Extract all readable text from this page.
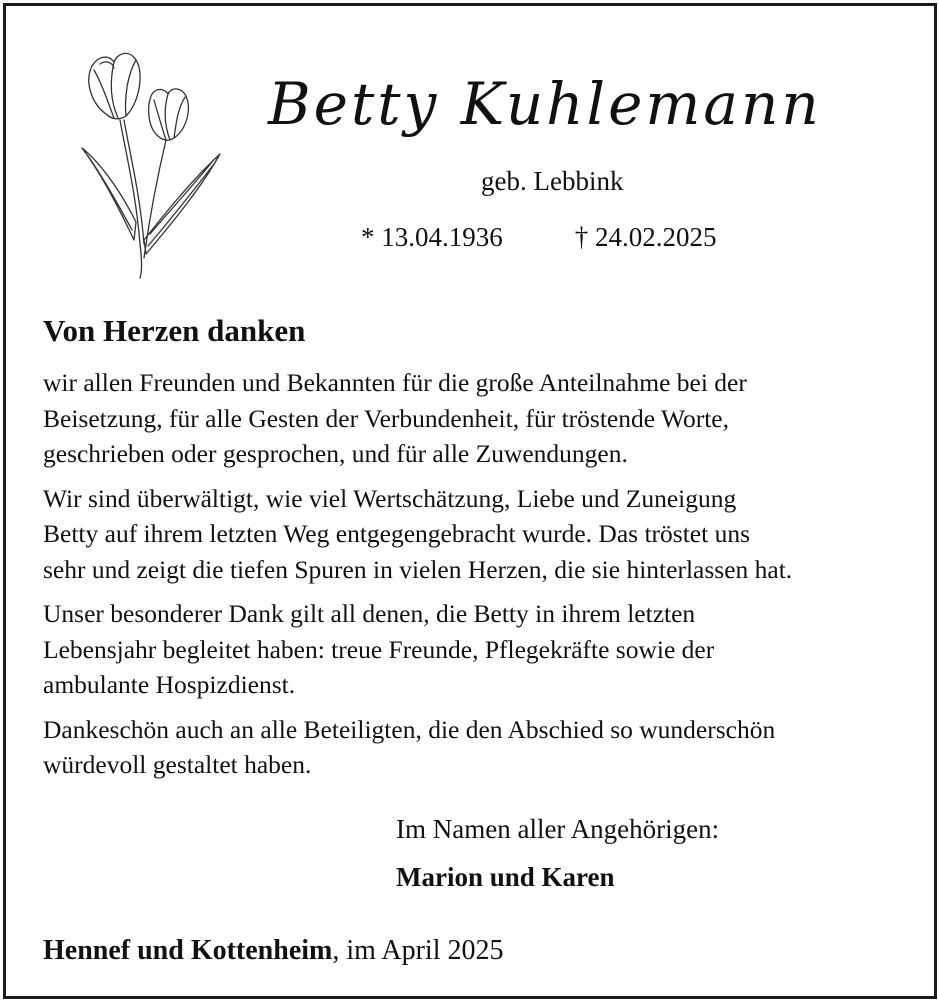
Betty Kuhlemann
geb. Lebbink
* 13.04.1936	† 24.02.2025
Von Herzen danken

wir allen Freunden und Bekannten für die große Anteilnahme bei der
Beisetzung, für alle Gesten der Verbundenheit, für tröstende Worte,
geschrieben oder gesprochen, und für alle Zuwendungen.

Wir sind überwältigt, wie viel Wertschätzung, Liebe und Zuneigung
Betty auf ihrem letzten Weg entgegengebracht wurde. Das tröstet uns
sehr und zeigt die tiefen Spuren in vielen Herzen, die sie hinterlassen hat.

Unser besonderer Dank gilt all denen, die Betty in ihrem letzten
Lebensjahr begleitet haben: treue Freunde, Pflegekräfte sowie der
ambulante Hospizdienst.

Dankeschön auch an alle Beteiligten, die den Abschied so wunderschön
würdevoll gestaltet haben.

Im Namen aller Angehörigen:
Marion und Karen
Hennef und Kottenheim, im April 2025
